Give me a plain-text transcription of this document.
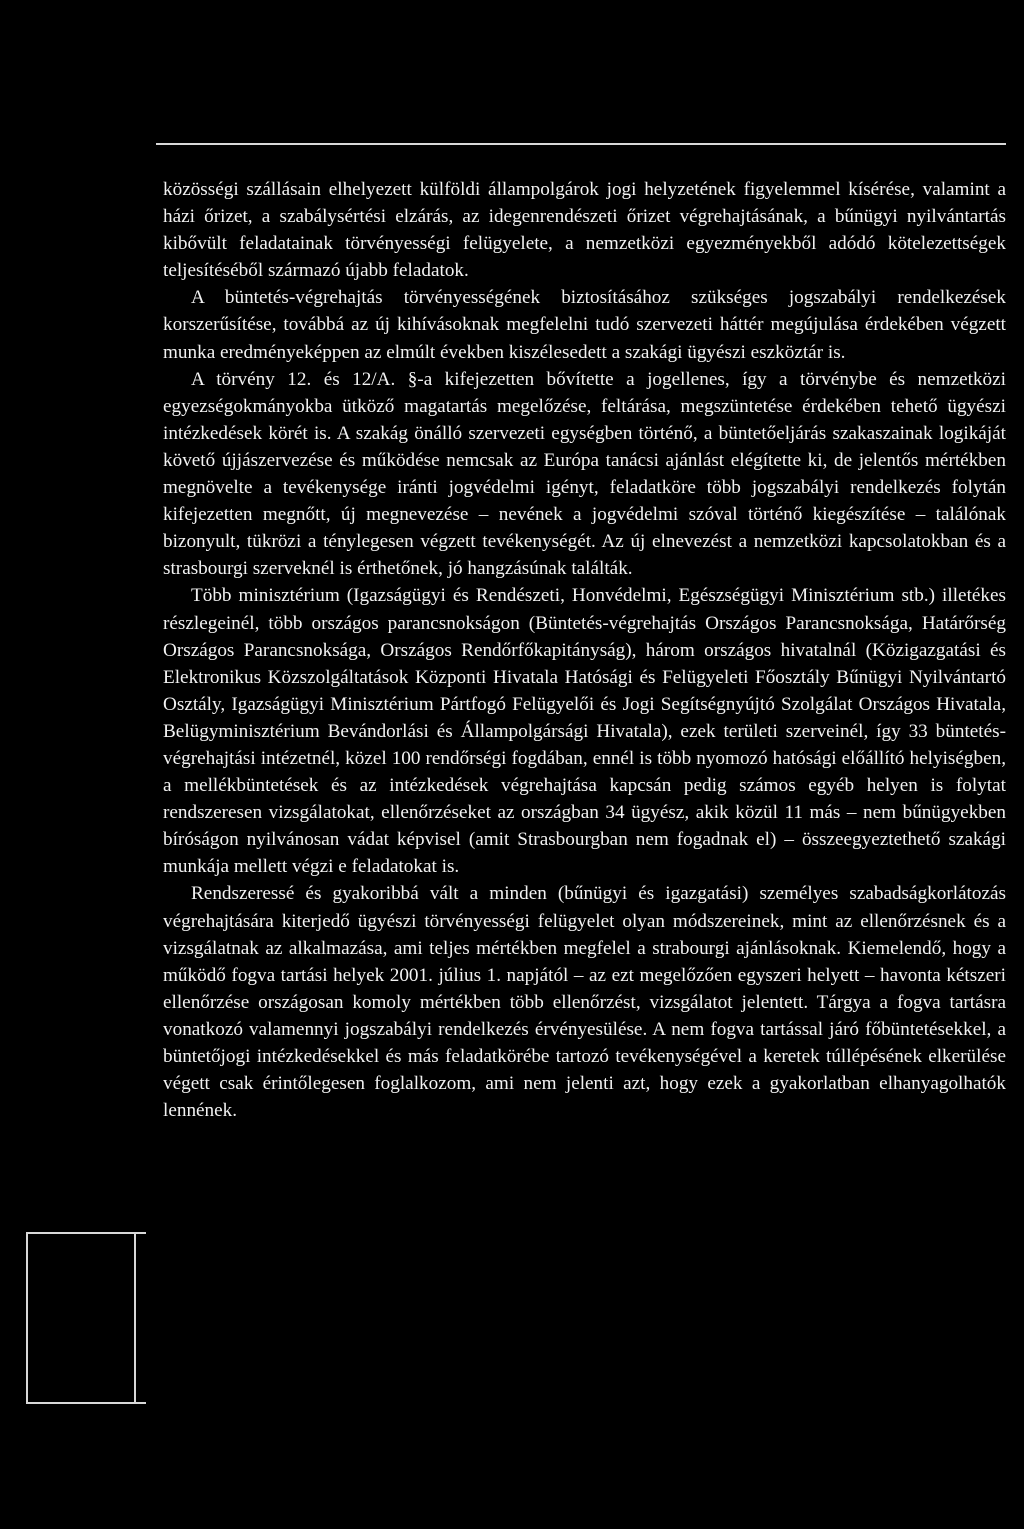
közösségi szállásain elhelyezett külföldi állampolgárok jogi helyzetének figyelemmel kísérése, valamint a házi őrizet, a szabálysértési elzárás, az idegenrendészeti őrizet végrehajtásának, a bűnügyi nyilvántartás kibővült feladatainak törvényességi felügyelete, a nemzetközi egyezményekből adódó kötelezettségek teljesítéséből származó újabb feladatok.

A büntetés-végrehajtás törvényességének biztosításához szükséges jogszabályi rendelkezések korszerűsítése, továbbá az új kihívásoknak megfelelni tudó szervezeti háttér megújulása érdekében végzett munka eredményeképpen az elmúlt években kiszélesedett a szakági ügyészi eszköztár is.

A törvény 12. és 12/A. §-a kifejezetten bővítette a jogellenes, így a törvénybe és nemzetközi egyezségokmányokba ütköző magatartás megelőzése, feltárása, megszüntetése érdekében tehető ügyészi intézkedések körét is. A szakág önálló szervezeti egységben történő, a büntetőeljárás szakaszainak logikáját követő újjászervezése és működése nemcsak az Európa tanácsi ajánlást elégítette ki, de jelentős mértékben megnövelte a tevékenysége iránti jogvédelmi igényt, feladatköre több jogszabályi rendelkezés folytán kifejezetten megnőtt, új megnevezése – nevének a jogvédelmi szóval történő kiegészítése – találónak bizonyult, tükrözi a ténylegesen végzett tevékenységét. Az új elnevezést a nemzetközi kapcsolatokban és a strasbourgi szerveknél is érthetőnek, jó hangzásúnak találták.

Több minisztérium (Igazságügyi és Rendészeti, Honvédelmi, Egészségügyi Minisztérium stb.) illetékes részlegeinél, több országos parancsnokságon (Büntetés-végrehajtás Országos Parancsnoksága, Határőrség Országos Parancsnoksága, Országos Rendőrfőkapitányság), három országos hivatalnál (Közigazgatási és Elektronikus Közszolgáltatások Központi Hivatala Hatósági és Felügyeleti Főosztály Bűnügyi Nyilvántartó Osztály, Igazságügyi Minisztérium Pártfogó Felügyelői és Jogi Segítségnyújtó Szolgálat Országos Hivatala, Belügyminisztérium Bevándorlási és Állampolgársági Hivatala), ezek területi szerveinél, így 33 büntetés-végrehajtási intézetnél, közel 100 rendőrségi fogdában, ennél is több nyomozó hatósági előállító helyiségben, a mellékbüntetések és az intézkedések végrehajtása kapcsán pedig számos egyéb helyen is folytat rendszeresen vizsgálatokat, ellenőrzéseket az országban 34 ügyész, akik közül 11 más – nem bűnügyekben bíróságon nyilvánosan vádat képvisel (amit Strasbourgban nem fogadnak el) – összeegyeztethető szakági munkája mellett végzi e feladatokat is.

Rendszeressé és gyakoribbá vált a minden (bűnügyi és igazgatási) személyes szabadságkorlátozás végrehajtására kiterjedő ügyészi törvényességi felügyelet olyan módszereinek, mint az ellenőrzésnek és a vizsgálatnak az alkalmazása, ami teljes mértékben megfelel a strabourgi ajánlásoknak. Kiemelendő, hogy a működő fogva tartási helyek 2001. július 1. napjától – az ezt megelőzően egyszeri helyett – havonta kétszeri ellenőrzése országosan komoly mértékben több ellenőrzést, vizsgálatot jelentett. Tárgya a fogva tartásra vonatkozó valamennyi jogszabályi rendelkezés érvényesülése. A nem fogva tartással járó főbüntetésekkel, a büntetőjogi intézkedésekkel és más feladatkörébe tartozó tevékenységével a keretek túllépésének elkerülése végett csak érintőlegesen foglalkozom, ami nem jelenti azt, hogy ezek a gyakorlatban elhanyagolhatók lennének.
